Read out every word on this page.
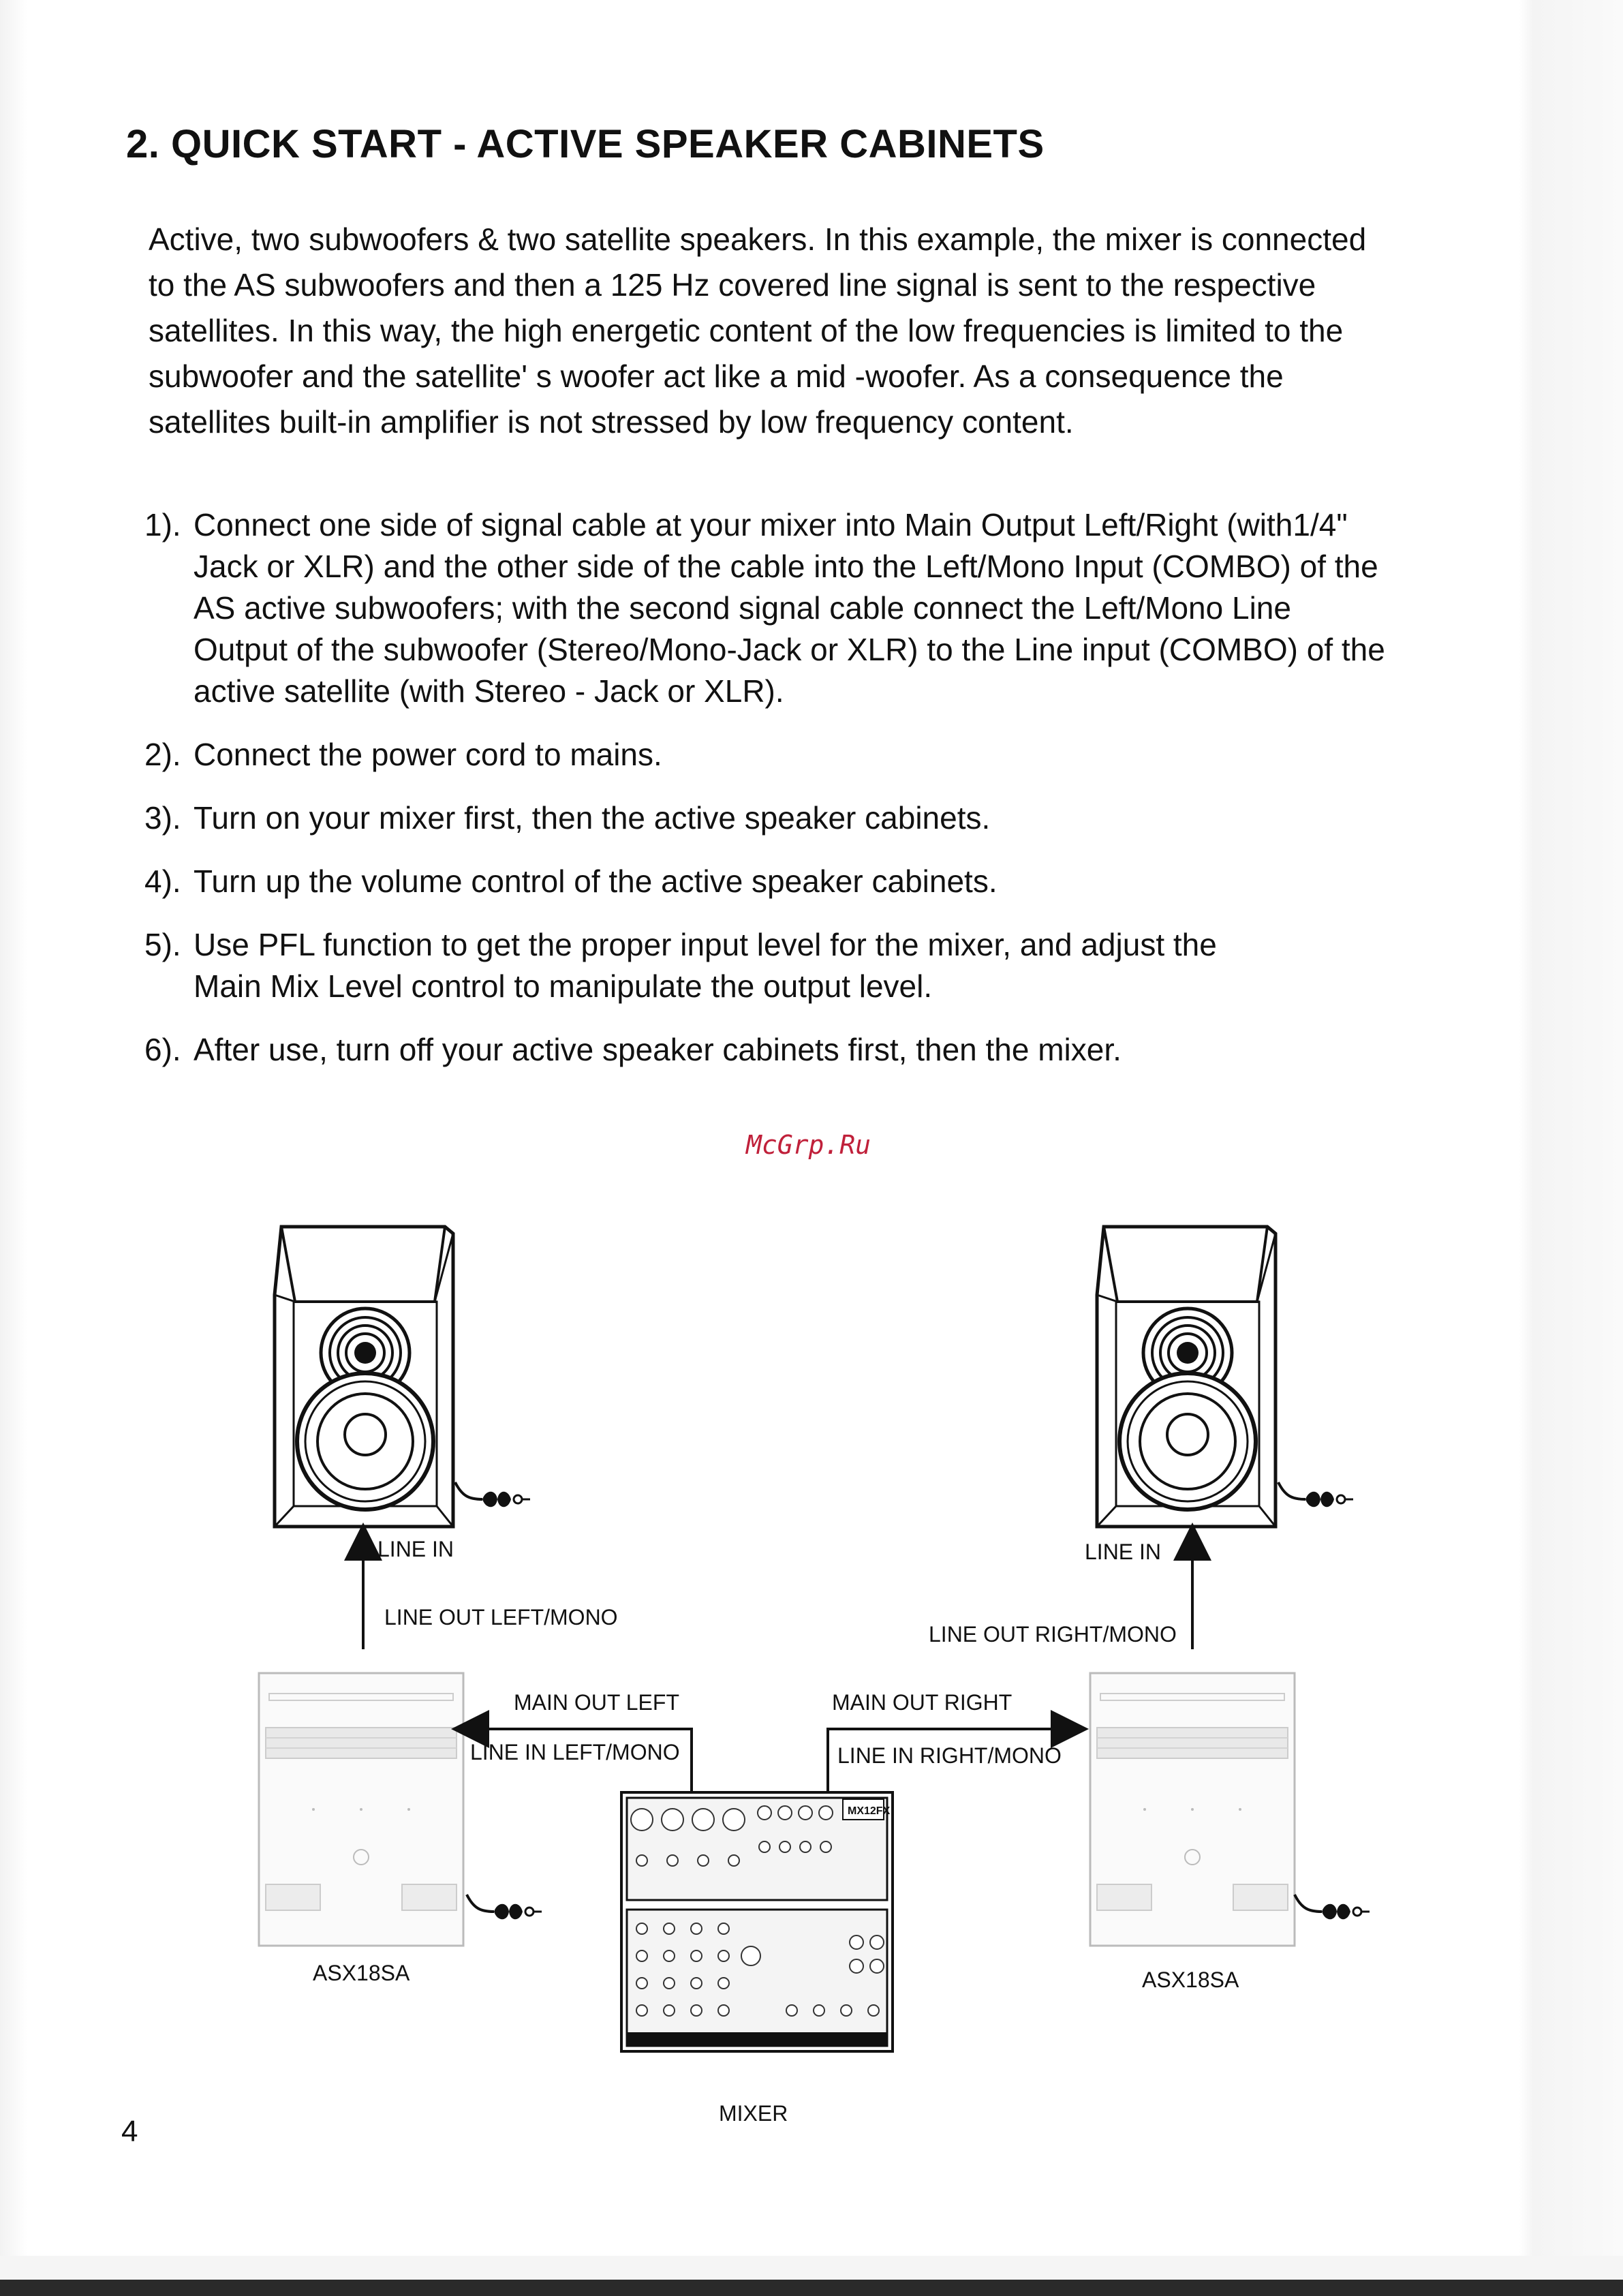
2. QUICK START - ACTIVE SPEAKER CABINETS
Active, two subwoofers & two satellite speakers. In this example, the mixer is connected
to the AS subwoofers and then a 125 Hz covered line signal is sent to the respective
satellites. In this way, the high energetic content of the low frequencies is limited to the
subwoofer and the satellite' s woofer act like a mid -woofer. As a consequence the
satellites built-in amplifier is not stressed by low frequency content.
1). Connect one side of signal cable at your mixer into Main Output Left/Right (with1/4"
Jack or XLR) and the other side of the cable into the Left/Mono Input (COMBO) of the
AS active subwoofers; with the second signal cable connect the Left/Mono Line
Output of the subwoofer (Stereo/Mono-Jack or XLR) to the Line input (COMBO) of the
active satellite (with Stereo - Jack or XLR).
2). Connect the power cord to mains.
3). Turn on your mixer first, then the active speaker cabinets.
4). Turn up the volume control of the active speaker cabinets.
5). Use PFL function to get the proper input level for the mixer, and adjust the
Main Mix Level control to manipulate the output level.
6). After use, turn off your active speaker cabinets first, then the mixer.
McGrp.Ru
MX12FX
LINE IN
LINE OUT LEFT/MONO
LINE IN
LINE OUT RIGHT/MONO
MAIN OUT LEFT
LINE IN LEFT/MONO
MAIN OUT RIGHT
LINE IN RIGHT/MONO
ASX18SA	ASX18SA
MIXER
4
